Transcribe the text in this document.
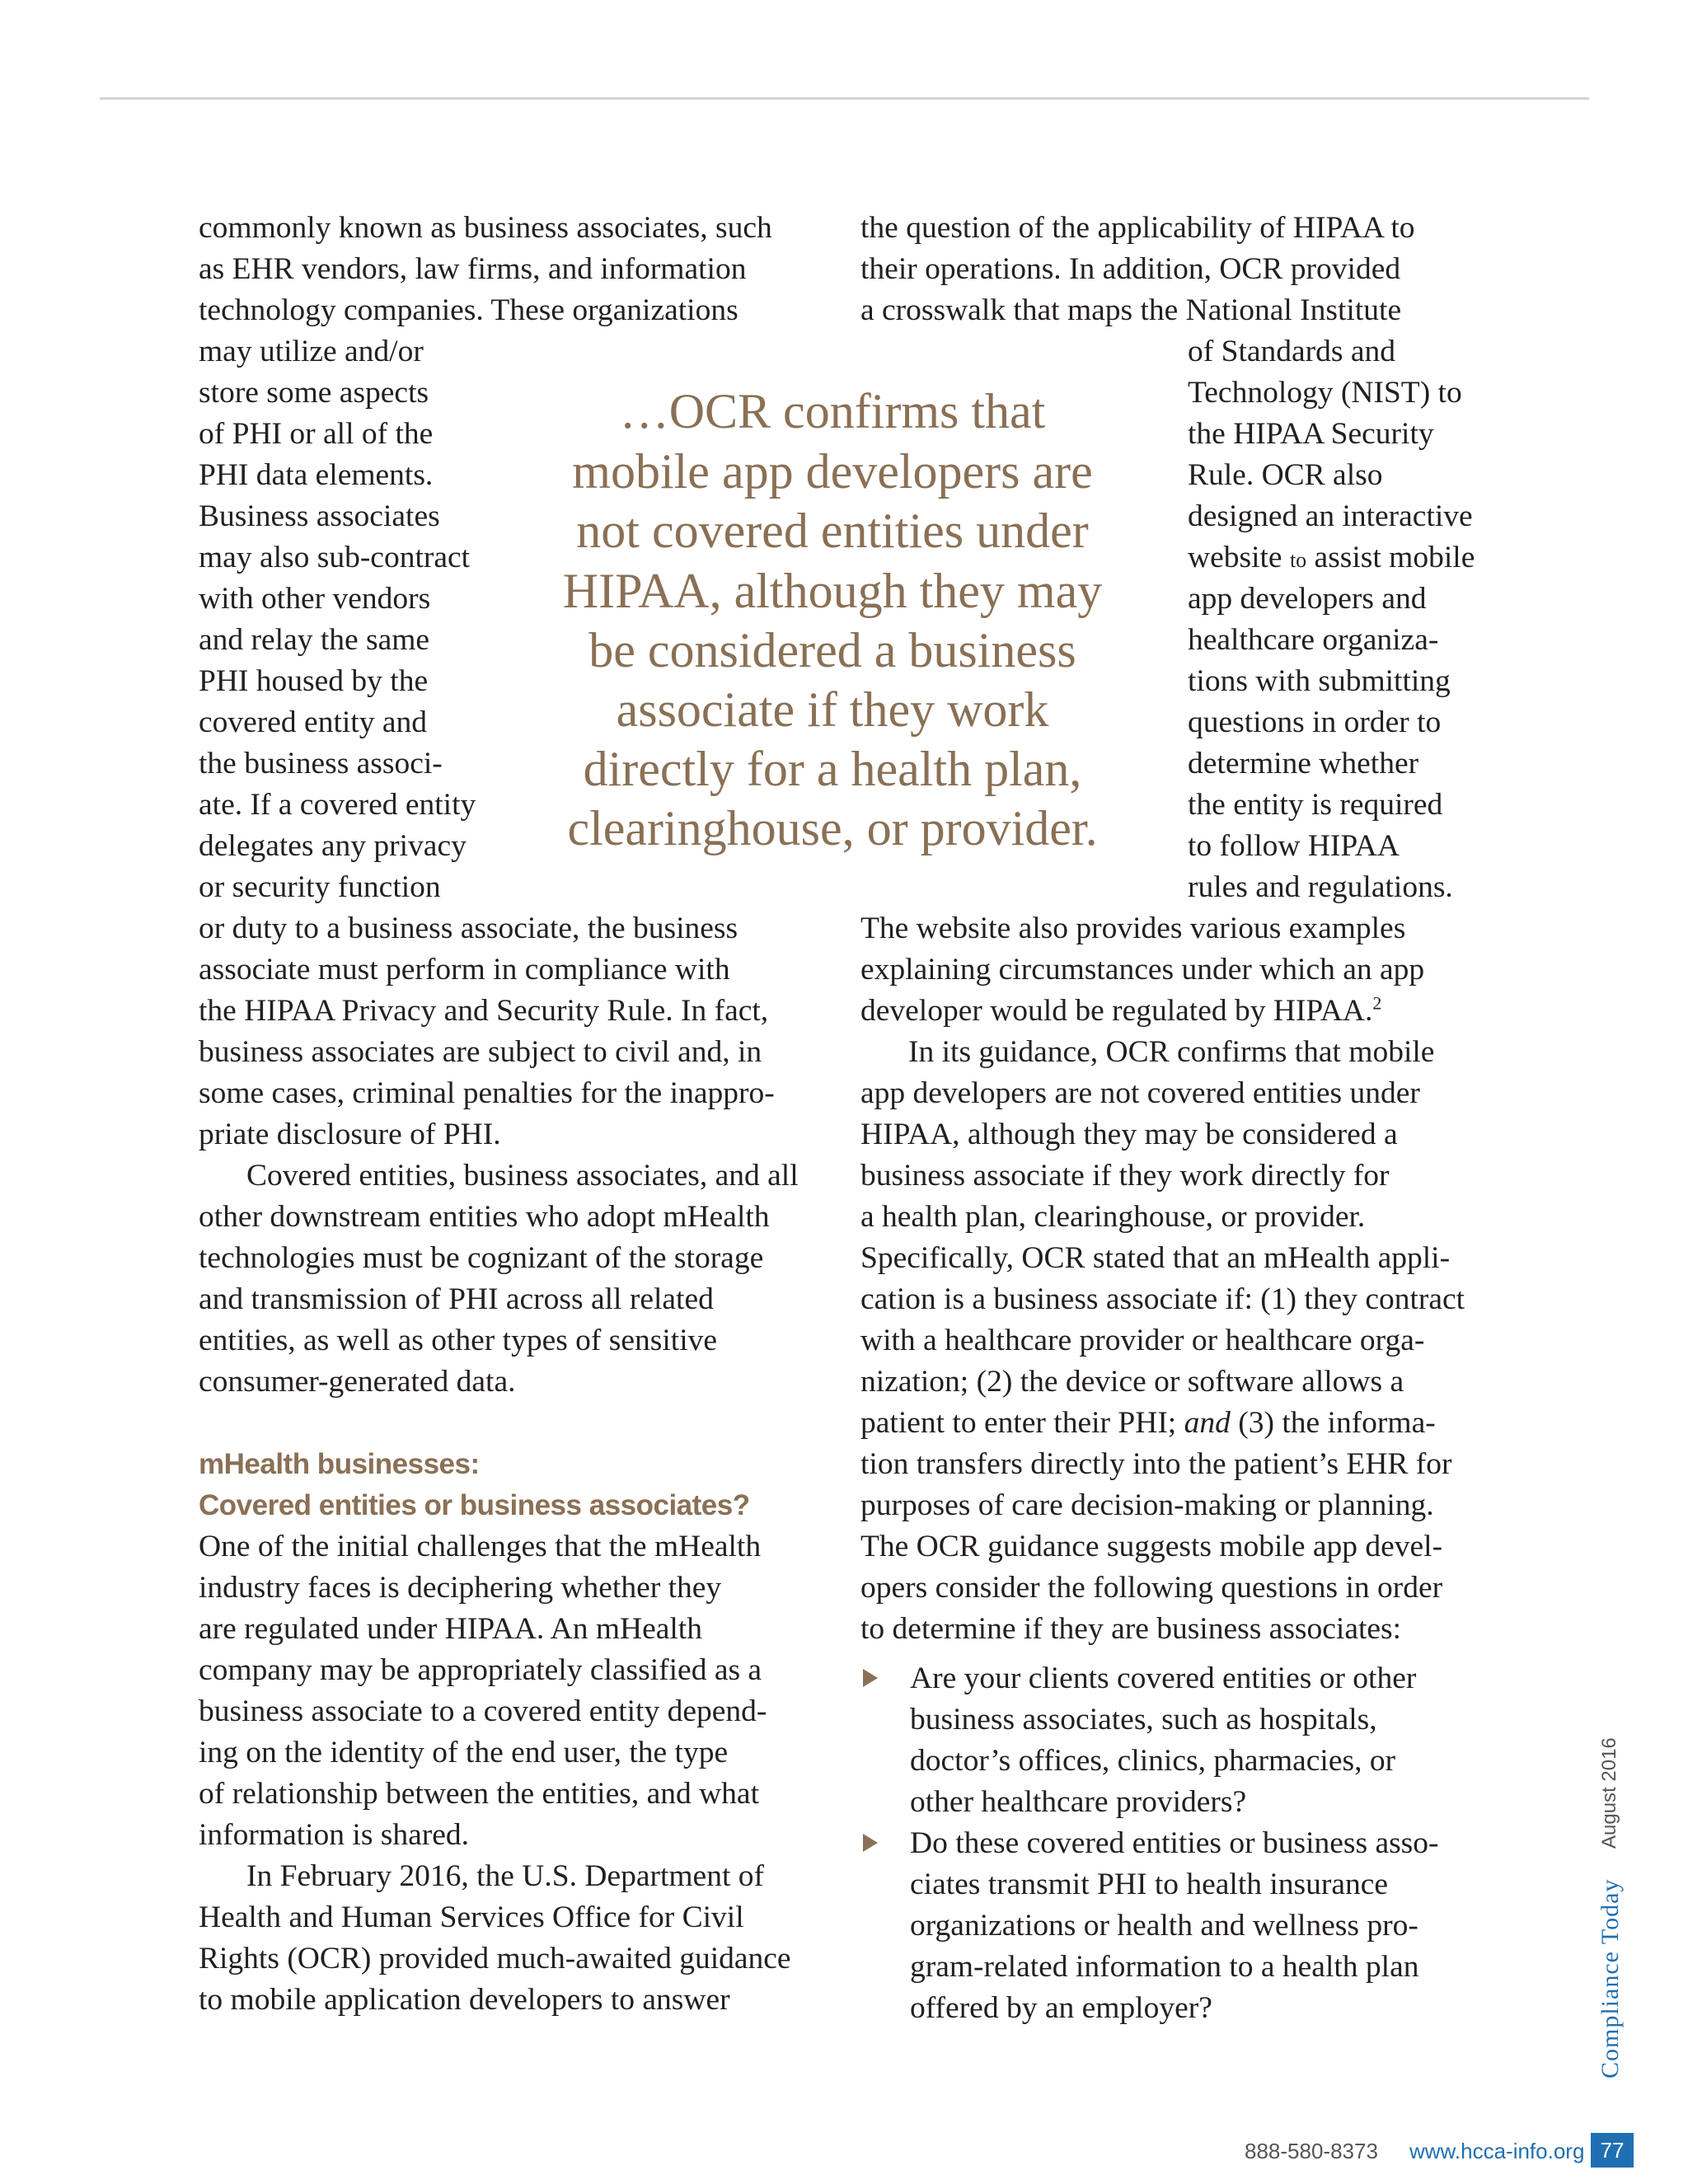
commonly known as business associates, such

as EHR vendors, law firms, and information

technology companies. These organizations

may utilize and/or

store some aspects

of PHI or all of the

PHI data elements.

Business associates

may also sub-contract

with other vendors

and relay the same

PHI housed by the

covered entity and

the business associ-

ate. If a covered entity

delegates any privacy

or security function

or duty to a business associate, the business

associate must perform in compliance with

the HIPAA Privacy and Security Rule. In fact,

business associates are subject to civil and, in

some cases, criminal penalties for the inappro-

priate disclosure of PHI.

Covered entities, business associates, and all

other downstream entities who adopt mHealth

technologies must be cognizant of the storage

and transmission of PHI across all related

entities, as well as other types of sensitive

consumer-generated data.

mHealth businesses:

Covered entities or business associates?

One of the initial challenges that the mHealth

industry faces is deciphering whether they

are regulated under HIPAA. An mHealth

company may be appropriately classified as a

business associate to a covered entity depend-

ing on the identity of the end user, the type

of relationship between the entities, and what

information is shared.

In February 2016, the U.S. Department of

Health and Human Services Office for Civil

Rights (OCR) provided much-awaited guidance

to mobile application developers to answer

…OCR confirms that

mobile app developers are

not covered entities under

HIPAA, although they may

be considered a business

associate if they work

directly for a health plan,

clearinghouse, or provider.

the question of the applicability of HIPAA to

their operations. In addition, OCR provided

a crosswalk that maps the National Institute

of Standards and

Technology (NIST) to

the HIPAA Security

Rule. OCR also

designed an interactive

website to assist mobile

app developers and

healthcare organiza-

tions with submitting

questions in order to

determine whether

the entity is required

to follow HIPAA

rules and regulations.

The website also provides various examples

explaining circumstances under which an app

developer would be regulated by HIPAA.$^2$

In its guidance, OCR confirms that mobile

app developers are not covered entities under

HIPAA, although they may be considered a

business associate if they work directly for

a health plan, clearinghouse, or provider.

Specifically, OCR stated that an mHealth appli-

cation is a business associate if: (1) they contract

with a healthcare provider or healthcare orga-

nization; (2) the device or software allows a

patient to enter their PHI; and (3) the informa-

tion transfers directly into the patient’s EHR for

purposes of care decision-making or planning.

The OCR guidance suggests mobile app devel-

opers consider the following questions in order

to determine if they are business associates:

Are your clients covered entities or other

business associates, such as hospitals,

doctor’s offices, clinics, pharmacies, or

other healthcare providers?

Do these covered entities or business asso-

ciates transmit PHI to health insurance

organizations or health and wellness pro-

gram-related information to a health plan

offered by an employer?

August 2016
Compliance Today
888-580-8373 www.hcca-info.org 77
